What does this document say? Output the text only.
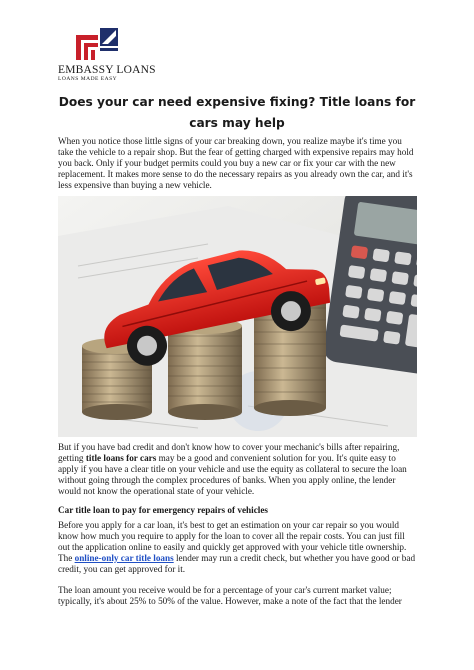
EMBASSY LOANS
LOANS MADE EASY
Does your car need expensive fixing? Title loans for cars may help

When you notice those little signs of your car breaking down, you realize maybe it's time you take the vehicle to a repair shop. But the fear of getting charged with expensive repairs may hold you back. Only if your budget permits could you buy a new car or fix your car with the new replacement. It makes more sense to do the necessary repairs as you already own the car, and it's less expensive than buying a new vehicle.

But if you have bad credit and don't know how to cover your mechanic's bills after repairing, getting title loans for cars may be a good and convenient solution for you. It's quite easy to apply if you have a clear title on your vehicle and use the equity as collateral to secure the loan without going through the complex procedures of banks. When you apply online, the lender would not know the operational state of your vehicle.

Car title loan to pay for emergency repairs of vehicles

Before you apply for a car loan, it's best to get an estimation on your car repair so you would know how much you require to apply for the loan to cover all the repair costs. You can just fill out the application online to easily and quickly get approved with your vehicle title ownership. The online-only car title loans lender may run a credit check, but whether you have good or bad credit, you can get approved for it.

The loan amount you receive would be for a percentage of your car's current market value; typically, it's about 25% to 50% of the value. However, make a note of the fact that the lender
